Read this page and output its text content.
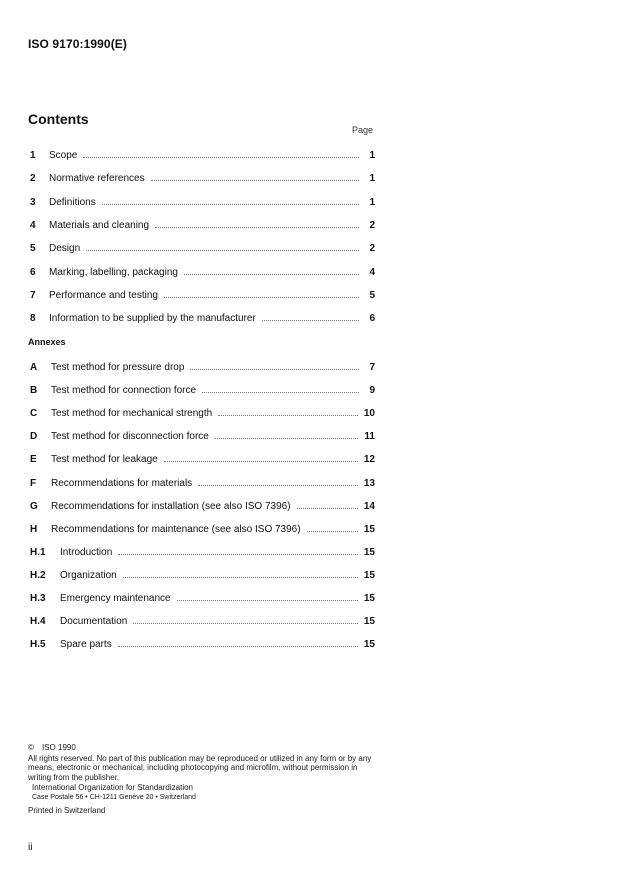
ISO 9170:1990(E)
Contents
Page
1	Scope	1
2	Normative references	1
3	Definitions	1
4	Materials and cleaning	2
5	Design	2
6	Marking, labelling, packaging	4
7	Performance and testing	5
8	Information to be supplied by the manufacturer	6
Annexes
A	Test method for pressure drop	7
B	Test method for connection force	9
C	Test method for mechanical strength	10
D	Test method for disconnection force	11
E	Test method for leakage	12
F	Recommendations for materials	13
G	Recommendations for installation (see also ISO 7396)	14
H	Recommendations for maintenance (see also ISO 7396)	15
H.1	Introduction	15
H.2	Organization	15
H.3	Emergency maintenance	15
H.4	Documentation	15
H.5	Spare parts	15
© ISO 1990
All rights reserved. No part of this publication may be reproduced or utilized in any form or by any means, electronic or mechanical, including photocopying and microfilm, without permission in writing from the publisher.
International Organization for Standardization
Case Postale 56 • CH-1211 Genève 20 • Switzerland
Printed in Switzerland
ii
